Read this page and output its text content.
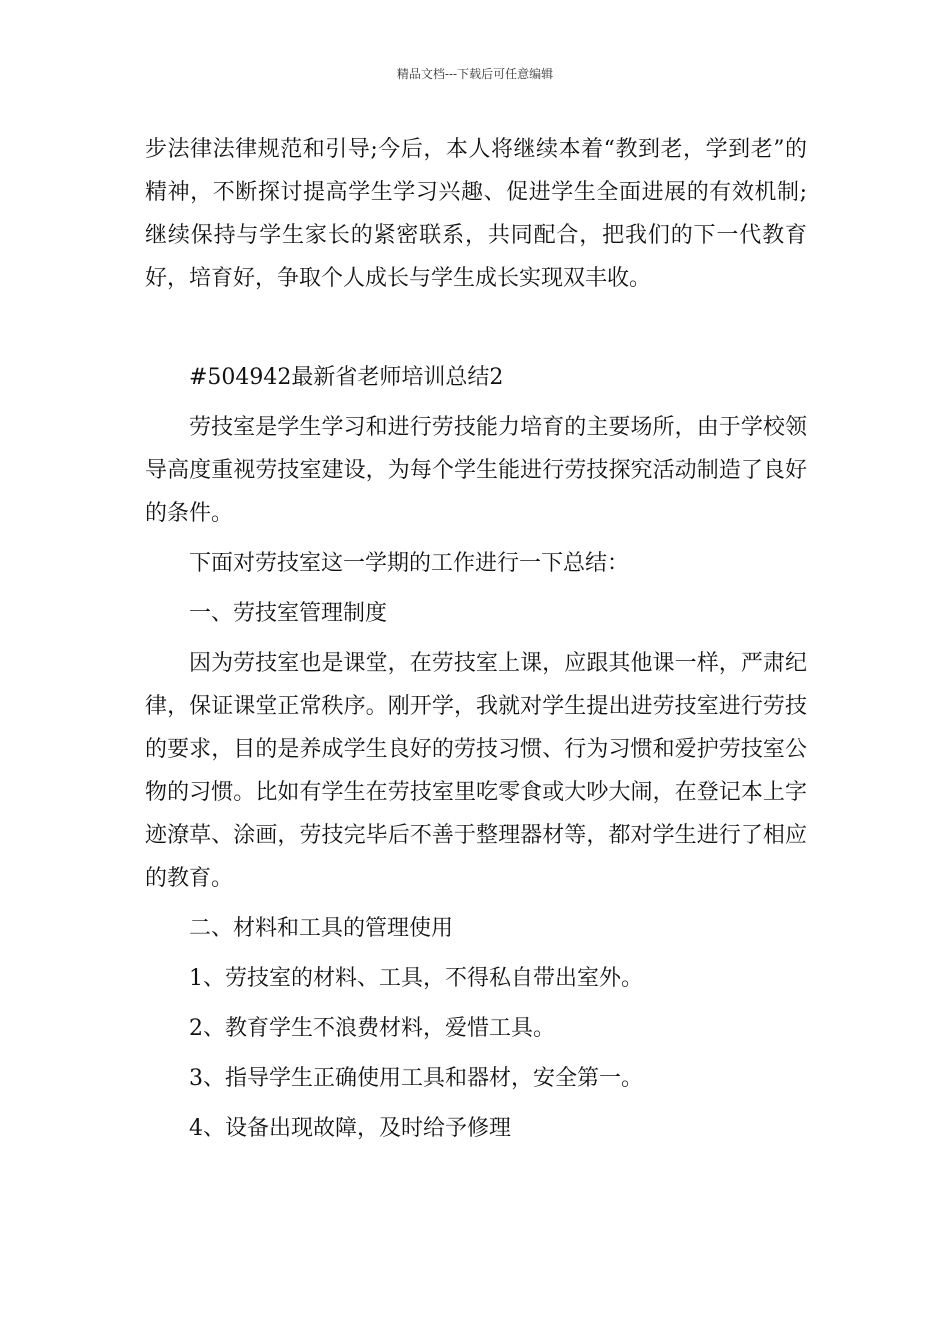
精品文档---下载后可任意编辑

步法律法律规范和引导;今后，本人将继续本着“教到老，学到老”的精神，不断探讨提高学生学习兴趣、促进学生全面进展的有效机制;继续保持与学生家长的紧密联系，共同配合，把我们的下一代教育好，培育好，争取个人成长与学生成长实现双丰收。

#504942最新省老师培训总结2

劳技室是学生学习和进行劳技能力培育的主要场所，由于学校领导高度重视劳技室建设，为每个学生能进行劳技探究活动制造了良好的条件。

下面对劳技室这一学期的工作进行一下总结：

一、劳技室管理制度

因为劳技室也是课堂，在劳技室上课，应跟其他课一样，严肃纪律，保证课堂正常秩序。刚开学，我就对学生提出进劳技室进行劳技的要求，目的是养成学生良好的劳技习惯、行为习惯和爱护劳技室公物的习惯。比如有学生在劳技室里吃零食或大吵大闹，在登记本上字迹潦草、涂画，劳技完毕后不善于整理器材等，都对学生进行了相应的教育。

二、材料和工具的管理使用

1、劳技室的材料、工具，不得私自带出室外。

2、教育学生不浪费材料，爱惜工具。

3、指导学生正确使用工具和器材，安全第一。

4、设备出现故障，及时给予修理
